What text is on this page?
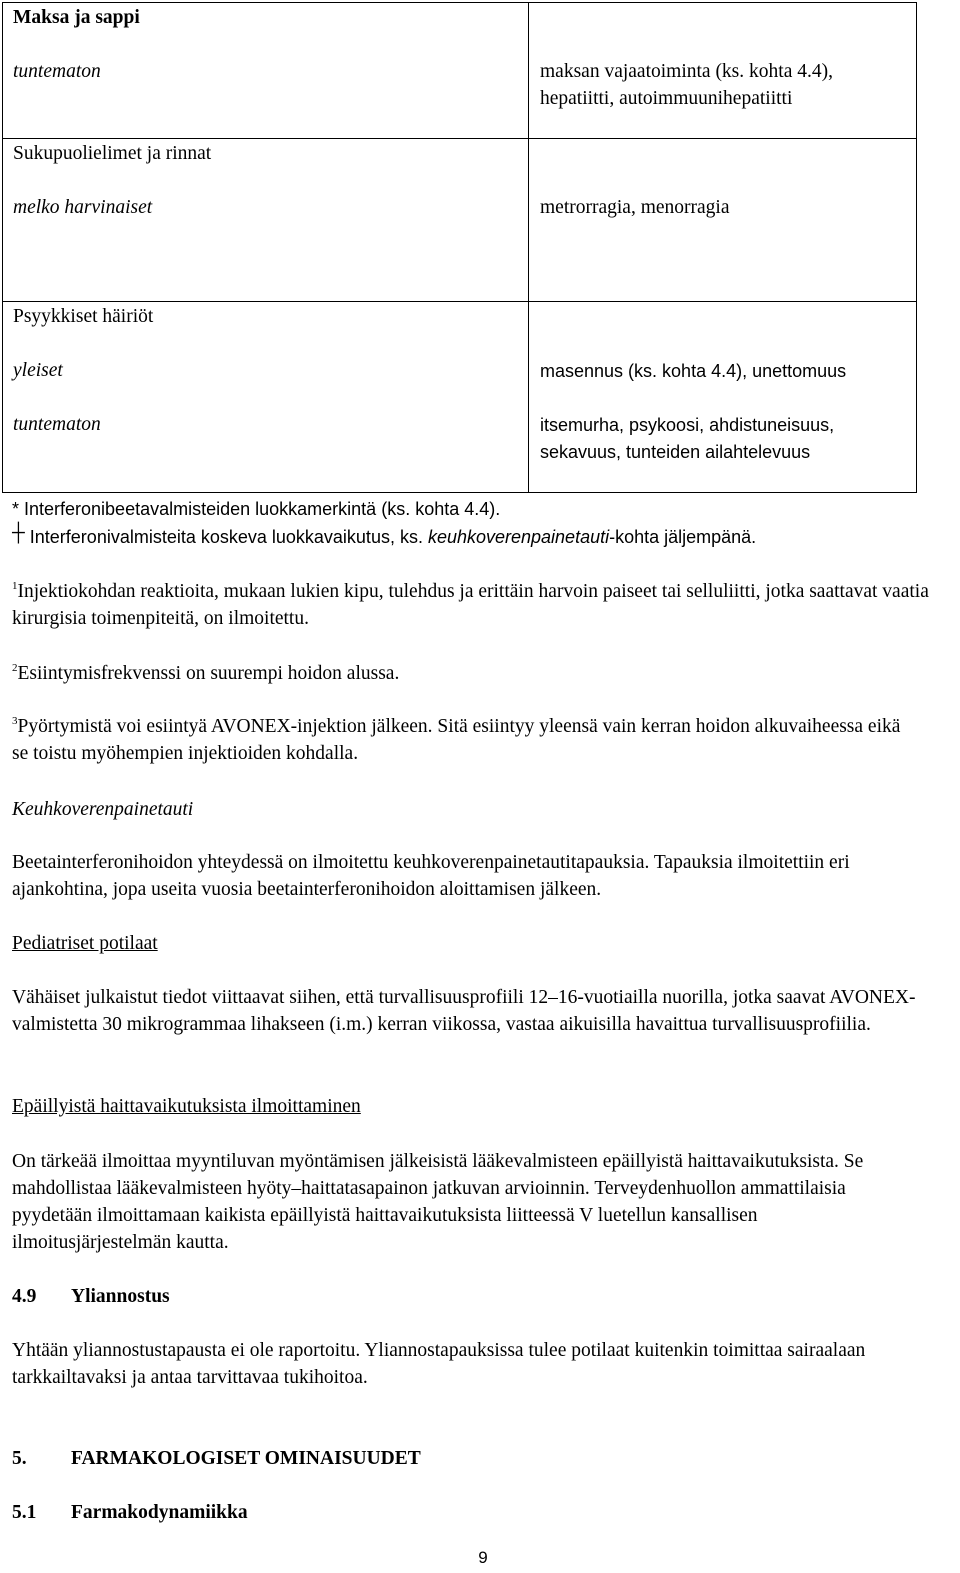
Maksa ja sappi
tuntematon	maksan vajaatoiminta (ks. kohta 4.4),
hepatiitti, autoimmuunihepatiitti

Sukupuolielimet ja rinnat
melko harvinaiset	metrorragia, menorragia

Psyykkiset häiriöt
yleiset
tuntematon	masennus (ks. kohta 4.4), unettomuus
itsemurha, psykoosi, ahdistuneisuus,
sekavuus, tunteiden ailahtelevuus
* Interferonibeetavalmisteiden luokkamerkintä (ks. kohta 4.4).
┼ Interferonivalmisteita koskeva luokkavaikutus, ks. keuhkoverenpainetauti-kohta jäljempänä.

$^1$Injektiokohdan reaktioita, mukaan lukien kipu, tulehdus ja erittäin harvoin paiseet tai selluliitti, jotka saattavat vaatia kirurgisia toimenpiteitä, on ilmoitettu.

$^2$Esiintymisfrekvenssi on suurempi hoidon alussa.

$^3$Pyörtymistä voi esiintyä AVONEX-injektion jälkeen. Sitä esiintyy yleensä vain kerran hoidon alkuvaiheessa eikä se toistu myöhempien injektioiden kohdalla.

Keuhkoverenpainetauti

Beetainterferonihoidon yhteydessä on ilmoitettu keuhkoverenpainetautitapauksia. Tapauksia ilmoitettiin eri ajankohtina, jopa useita vuosia beetainterferonihoidon aloittamisen jälkeen.

Pediatriset potilaat

Vähäiset julkaistut tiedot viittaavat siihen, että turvallisuusprofiili 12–16-vuotiailla nuorilla, jotka saavat AVONEX-valmistetta 30 mikrogrammaa lihakseen (i.m.) kerran viikossa, vastaa aikuisilla havaittua turvallisuusprofiilia.

Epäillyistä haittavaikutuksista ilmoittaminen

On tärkeää ilmoittaa myyntiluvan myöntämisen jälkeisistä lääkevalmisteen epäillyistä haittavaikutuksista. Se mahdollistaa lääkevalmisteen hyöty–haittatasapainon jatkuvan arvioinnin. Terveydenhuollon ammattilaisia pyydetään ilmoittamaan kaikista epäillyistä haittavaikutuksista liitteessä V luetellun kansallisen ilmoitusjärjestelmän kautta.

4.9 Yliannostus

Yhtään yliannostustapausta ei ole raportoitu. Yliannostapauksissa tulee potilaat kuitenkin toimittaa sairaalaan tarkkailtavaksi ja antaa tarvittavaa tukihoitoa.

5. FARMAKOLOGISET OMINAISUUDET
5.1 Farmakodynamiikka
9
